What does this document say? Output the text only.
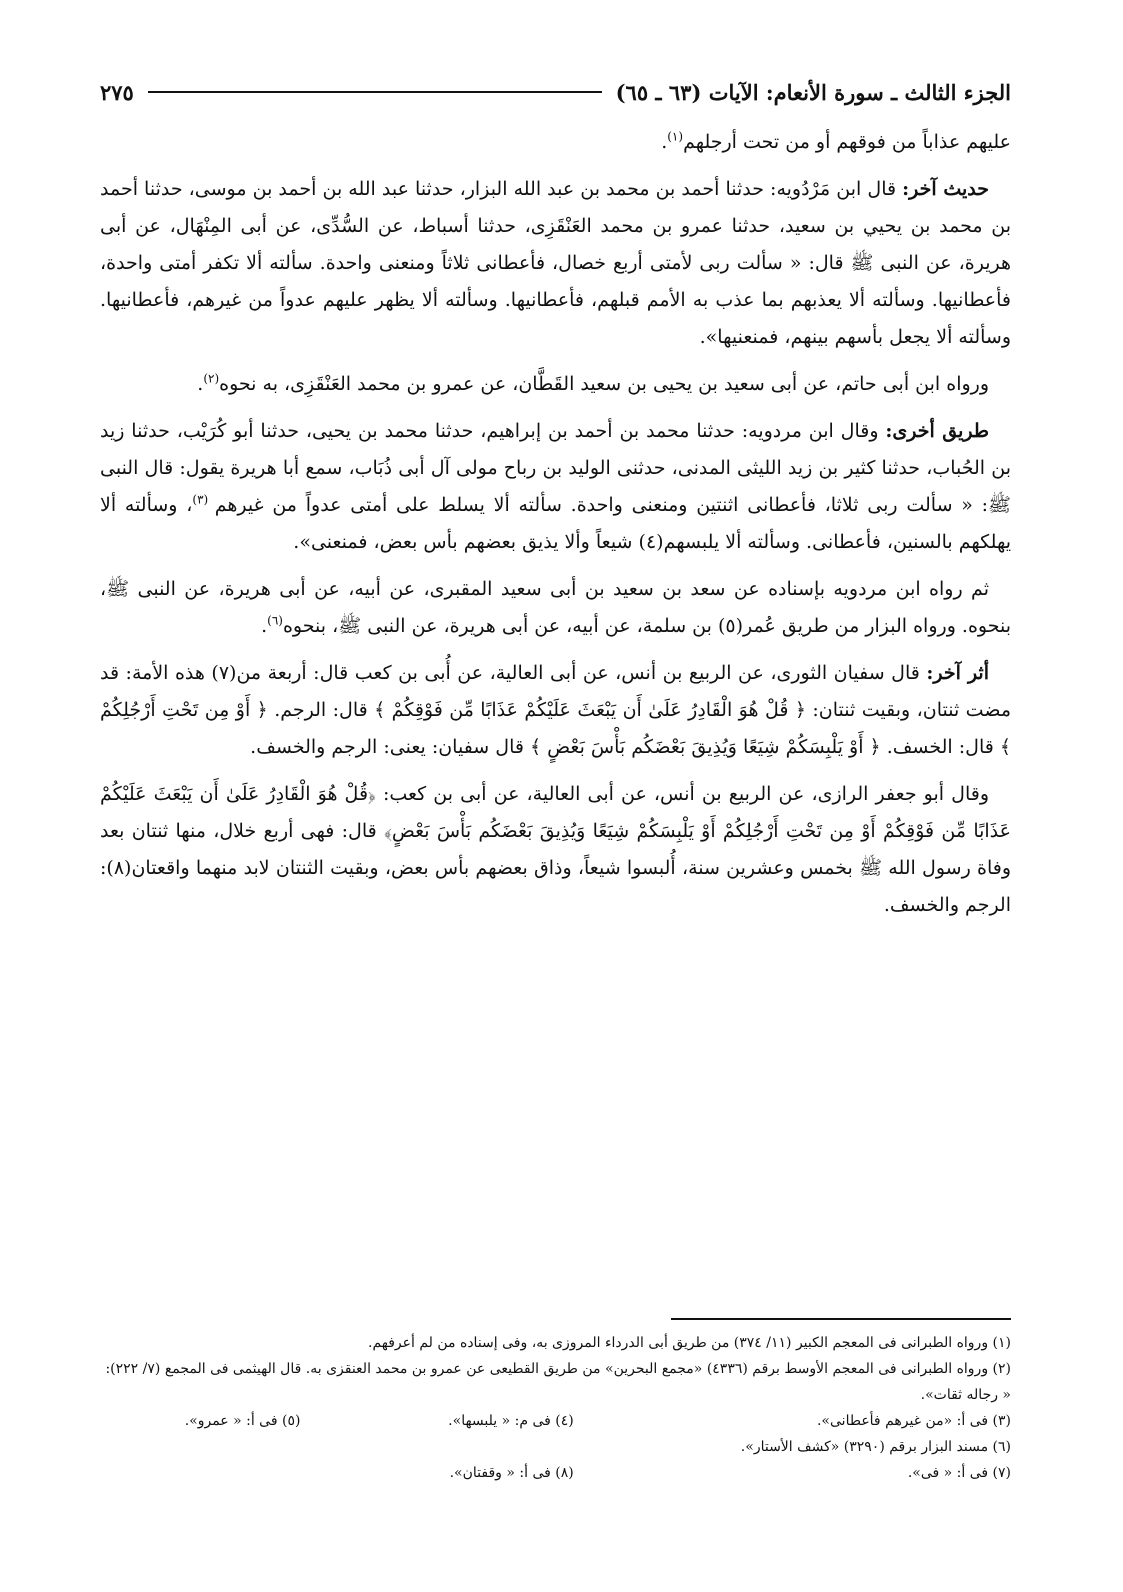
الجزء الثالث ـ سورة الأنعام: الآيات (٦٣ ـ ٦٥)
٢٧٥

عليهم عذاباً من فوقهم أو من تحت أرجلهم$^{(١)}$.

حديث آخر: قال ابن مَرْدُويه: حدثنا أحمد بن محمد بن عبد الله البزار، حدثنا عبد الله بن أحمد بن موسى، حدثنا أحمد بن محمد بن يحيي بن سعيد، حدثنا عمرو بن محمد العَنْقَزِى، حدثنا أسباط، عن السُّدِّى، عن أبى المِنْهَال، عن أبى هريرة، عن النبى ﷺ قال: « سألت ربى لأمتى أربع خصال، فأعطانى ثلاثاً ومنعنى واحدة. سألته ألا تكفر أمتى واحدة، فأعطانيها. وسألته ألا يعذبهم بما عذب به الأمم قبلهم، فأعطانيها. وسألته ألا يظهر عليهم عدواً من غيرهم، فأعطانيها. وسألته ألا يجعل بأسهم بينهم، فمنعنيها».

ورواه ابن أبى حاتم، عن أبى سعيد بن يحيى بن سعيد القَطَّان، عن عمرو بن محمد العَنْقَزِى، به نحوه$^{(٢)}$.

طريق أخرى: وقال ابن مردويه: حدثنا محمد بن أحمد بن إبراهيم، حدثنا محمد بن يحيى، حدثنا أبو كُرَيْب، حدثنا زيد بن الحُباب، حدثنا كثير بن زيد الليثى المدنى، حدثنى الوليد بن رباح مولى آل أبى ذُبَاب، سمع أبا هريرة يقول: قال النبى ﷺ: « سألت ربى ثلاثا، فأعطانى اثنتين ومنعنى واحدة. سألته ألا يسلط على أمتى عدواً من غيرهم $^{(٣)}$، وسألته ألا يهلكهم بالسنين، فأعطانى. وسألته ألا يلبسهم(٤) شيعاً وألا يذيق بعضهم بأس بعض، فمنعنى».

ثم رواه ابن مردويه بإسناده عن سعد بن سعيد بن أبى سعيد المقبرى، عن أبيه، عن أبى هريرة، عن النبى ﷺ، بنحوه. ورواه البزار من طريق عُمر(٥) بن سلمة، عن أبيه، عن أبى هريرة، عن النبى ﷺ، بنحوه$^{(٦)}$.

أثر آخر: قال سفيان الثورى، عن الربيع بن أنس، عن أبى العالية، عن أُبى بن كعب قال: أربعة من(٧) هذه الأمة: قد مضت ثنتان، وبقيت ثنتان: ﴿ قُلْ هُوَ الْقَادِرُ عَلَىٰ أَن يَبْعَثَ عَلَيْكُمْ عَذَابًا مِّن فَوْقِكُمْ ﴾ قال: الرجم. ﴿ أَوْ مِن تَحْتِ أَرْجُلِكُمْ ﴾ قال: الخسف. ﴿ أَوْ يَلْبِسَكُمْ شِيَعًا وَيُذِيقَ بَعْضَكُم بَأْسَ بَعْضٍ ﴾ قال سفيان: يعنى: الرجم والخسف.

وقال أبو جعفر الرازى، عن الربيع بن أنس، عن أبى العالية، عن أبى بن كعب: ﴿قُلْ هُوَ الْقَادِرُ عَلَىٰ أَن يَبْعَثَ عَلَيْكُمْ عَذَابًا مِّن فَوْقِكُمْ أَوْ مِن تَحْتِ أَرْجُلِكُمْ أَوْ يَلْبِسَكُمْ شِيَعًا وَيُذِيقَ بَعْضَكُم بَأْسَ بَعْضٍ﴾ قال: فهى أربع خلال، منها ثنتان بعد وفاة رسول الله ﷺ بخمس وعشرين سنة، أُلبسوا شيعاً، وذاق بعضهم بأس بعض، وبقيت الثنتان لابد منهما واقعتان(٨): الرجم والخسف.

(١) ورواه الطبرانى فى المعجم الكبير (١١/ ٣٧٤) من طريق أبى الدرداء المروزى به، وفى إسناده من لم أعرفهم.

(٢) ورواه الطبرانى فى المعجم الأوسط برقم (٤٣٣٦) «مجمع البحرين» من طريق القطيعى عن عمرو بن محمد العنقزى به. قال الهيثمى فى المجمع (٧/ ٢٢٢): « رجاله ثقات».

(٣) فى أ: «من غيرهم فأعطانى».

(٤) فى م: « يلبسها».

(٥) فى أ: « عمرو».

(٦) مسند البزار برقم (٣٢٩٠) «كشف الأستار».

(٧) فى أ: « فى».

(٨) فى أ: « وقفتان».
